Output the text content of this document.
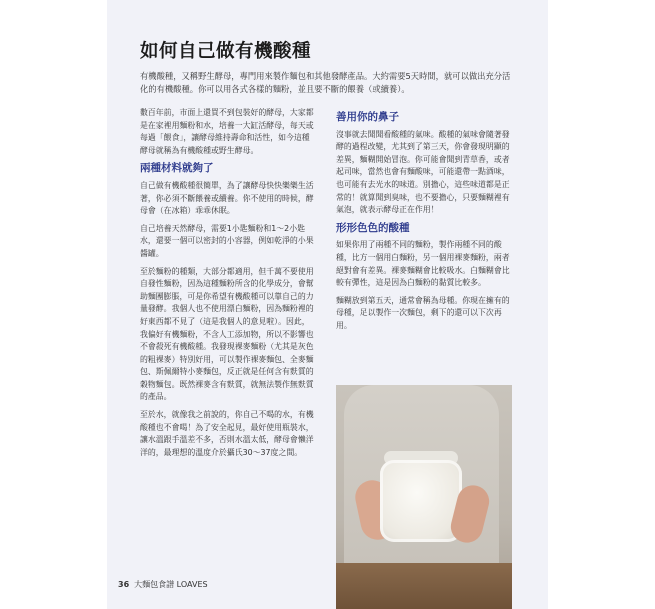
如何自己做有機酸種
有機酸種，又稱野生酵母，專門用來製作麵包和其他發酵產品。大約需要5天時間，就可以做出充分活化的有機酸種。你可以用各式各樣的麵粉，並且要不斷的餵養（或續養）。

數百年前，市面上還買不到包裝好的酵母，大家都是在家裡用麵粉和水，培養一大缸活酵母，每天或每過「餵食」，讓酵母維持壽命和活性，如今這種酵母就稱為有機酸種或野生酵母。

兩種材料就夠了

自己做有機酸種很簡單，為了讓酵母快快樂樂生活著，你必須不斷餵養或續養。你不使用的時候，酵母會（在冰箱）乖乖休眠。

自己培養天然酵母，需要1小匙麵粉和1～2小匙水，還要一個可以密封的小容器，例如乾淨的小果醬罐。

至於麵粉的種類，大部分都適用，但千萬不要使用自發性麵粉，因為這種麵粉所含的化學成分，會幫助麵團膨脹，可是你希望有機酸種可以靠自己的力量發酵。我個人也不使用漂白麵粉，因為麵粉裡的好東西都不見了（這是我個人的意見啦）。因此，我偏好有機麵粉，不含人工添加物，所以不影響也不會殺死有機酸種。我發現裸麥麵粉（尤其是灰色的粗裸麥）特別好用，可以製作裸麥麵包、全麥麵包、斯佩爾特小麥麵包，反正就是任何含有麩質的穀物麵包。既然裸麥含有麩質，就無法製作無麩質的產品。

至於水，就像我之前說的，你自己不喝的水，有機酸種也不會喝！為了安全起見，最好使用瓶裝水，讓水溫跟手溫差不多，否則水溫太低，酵母會懶洋洋的，最理想的溫度介於攝氏30～37度之間。

善用你的鼻子

沒事就去聞聞看酸種的氣味。酸種的氣味會隨著發酵的過程改變，尤其到了第三天，你會發現明顯的差異，麵糊開始冒泡。你可能會聞到青草香，或者起司味，當然也會有麵酸味，可能還帶一點酒味，也可能有去光水的味道。別擔心，這些味道都是正常的！就算聞到臭味，也不要擔心，只要麵糊裡有氣泡，就表示酵母正在作用！

形形色色的酸種

如果你用了兩種不同的麵粉，製作兩種不同的酸種，比方一個用白麵粉，另一個用裸麥麵粉，兩者絕對會有差異。裸麥麵糊會比較吸水。白麵糊會比較有彈性，這是因為白麵粉的黏質比較多。

麵糊放到第五天，通常會稱為母種。你現在擁有的母種，足以製作一次麵包，剩下的還可以下次再用。

36 大麵包食譜 LOAVES
